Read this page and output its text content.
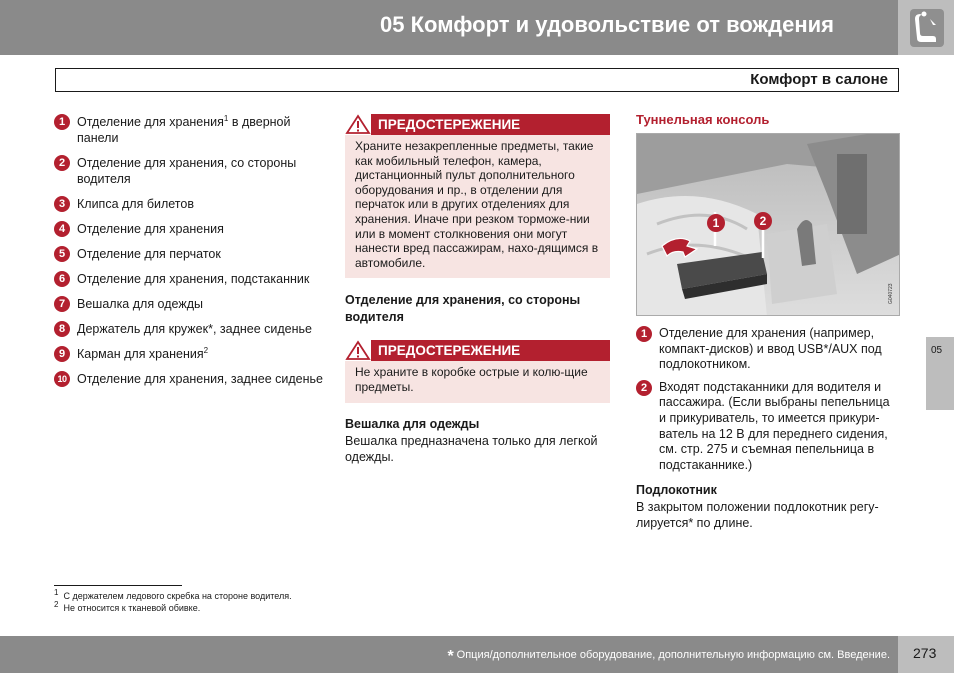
05 Комфорт и удовольствие от вождения
Комфорт в салоне
1 Отделение для хранения$^1$ в дверной панели
2 Отделение для хранения, со стороны водителя
3 Клипса для билетов
4 Отделение для хранения
5 Отделение для перчаток
6 Отделение для хранения, подстаканник
7 Вешалка для одежды
8 Держатель для кружек*, заднее сиденье
9 Карман для хранения$^2$
10 Отделение для хранения, заднее сиденье
ПРЕДОСТЕРЕЖЕНИЕ
Храните незакрепленные предметы, такие как мобильный телефон, камера, дистанционный пульт дополнительного оборудования и пр., в отделении для перчаток или в других отделениях для хранения. Иначе при резком торможе-нии или в момент столкновения они могут нанести вред пассажирам, нахо-дящимся в автомобиле.
Отделение для хранения, со стороны водителя
ПРЕДОСТЕРЕЖЕНИЕ
Не храните в коробке острые и колю-щие предметы.
Вешалка для одежды
Вешалка предназначена только для легкой одежды.
Туннельная консоль
G040723
1	2
1 Отделение для хранения (например, компакт-дисков) и ввод USB*/AUX под подлокотником.
2 Входят подстаканники для водителя и пассажира. (Если выбраны пепельница и прикуриватель, то имеется прикури-ватель на 12 В для переднего сидения, см. стр. 275 и съемная пепельница в подстаканнике.)
Подлокотник
В закрытом положении подлокотник регу-лируется* по длине.
05
$^1$ С держателем ледового скребка на стороне водителя.
$^2$ Не относится к тканевой обивке.
* Опция/дополнительное оборудование, дополнительную информацию см. Введение. 273
